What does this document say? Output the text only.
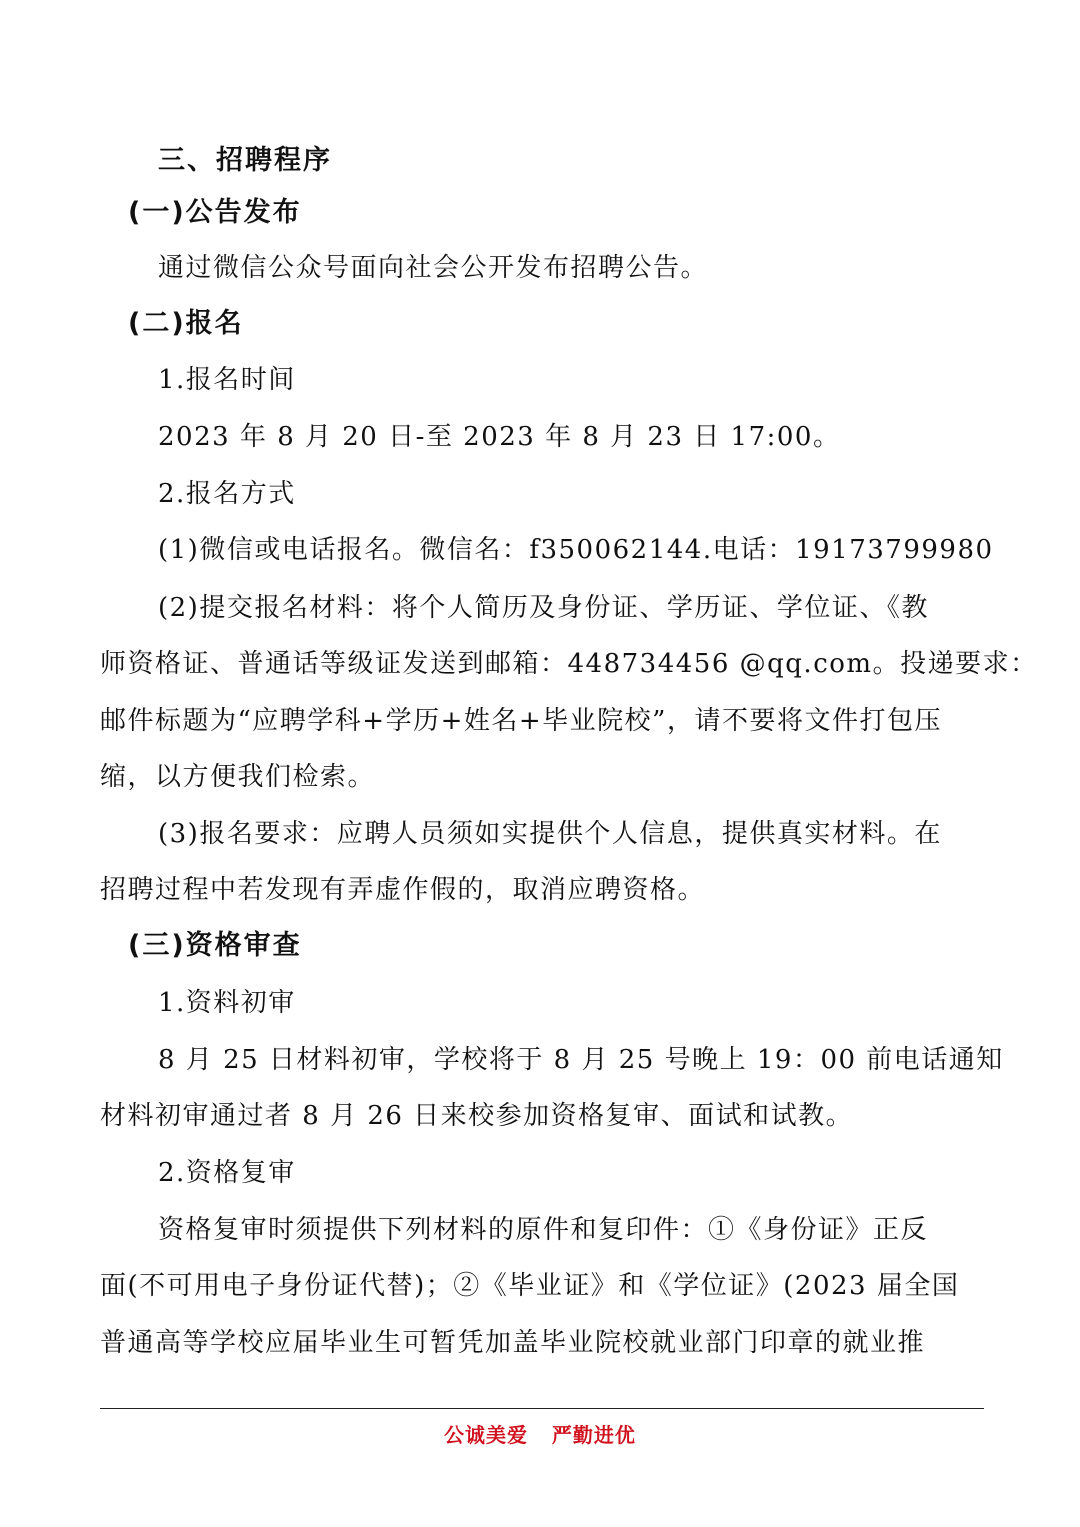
三、招聘程序
(一)公告发布
通过微信公众号面向社会公开发布招聘公告。
(二)报名
1.报名时间
2023 年 8 月 20 日-至 2023 年 8 月 23 日 17:00。
2.报名方式
(1)微信或电话报名。微信名：f350062144.电话：19173799980
(2)提交报名材料：将个人简历及身份证、学历证、学位证、《教
师资格证、普通话等级证发送到邮箱：448734456 @qq.com。投递要求：
邮件标题为“应聘学科+学历+姓名+毕业院校”，请不要将文件打包压
缩，以方便我们检索。
(3)报名要求：应聘人员须如实提供个人信息，提供真实材料。在
招聘过程中若发现有弄虚作假的，取消应聘资格。
(三)资格审查
1.资料初审
8 月 25 日材料初审，学校将于 8 月 25 号晚上 19：00 前电话通知
材料初审通过者 8 月 26 日来校参加资格复审、面试和试教。
2.资格复审
资格复审时须提供下列材料的原件和复印件：①《身份证》正反
面(不可用电子身份证代替)；②《毕业证》和《学位证》(2023 届全国
普通高等学校应届毕业生可暂凭加盖毕业院校就业部门印章的就业推
公诚美爱   严勤进优
